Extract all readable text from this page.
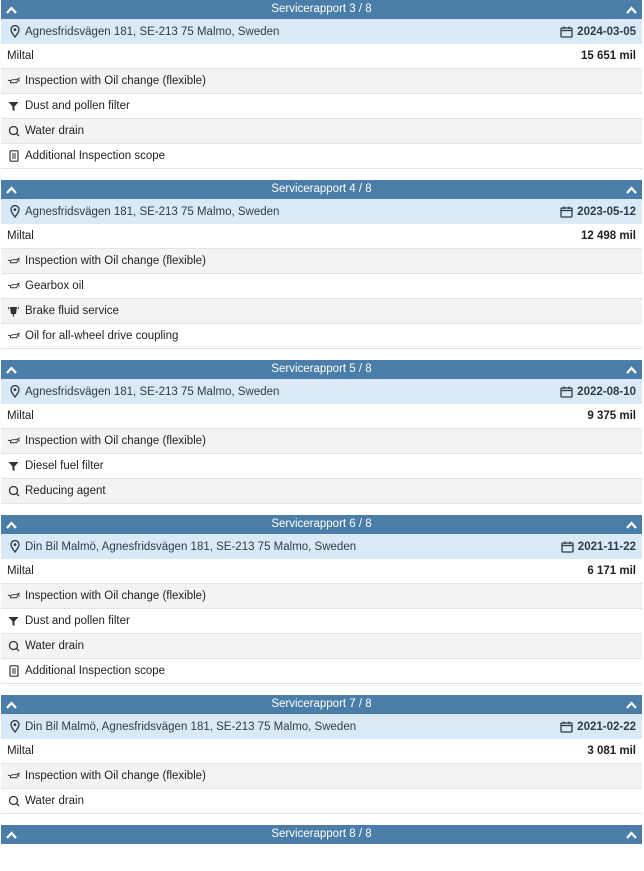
Servicerapport 3 / 8
Agnesfridsvägen 181, SE-213 75 Malmo, Sweden	2024-03-05
Miltal	15 651 mil
Inspection with Oil change (flexible)
Dust and pollen filter
Water drain
Additional Inspection scope
Servicerapport 4 / 8
Agnesfridsvägen 181, SE-213 75 Malmo, Sweden	2023-05-12
Miltal	12 498 mil
Inspection with Oil change (flexible)
Gearbox oil
Brake fluid service
Oil for all-wheel drive coupling
Servicerapport 5 / 8
Agnesfridsvägen 181, SE-213 75 Malmo, Sweden	2022-08-10
Miltal	9 375 mil
Inspection with Oil change (flexible)
Diesel fuel filter
Reducing agent
Servicerapport 6 / 8
Din Bil Malmö, Agnesfridsvägen 181, SE-213 75 Malmo, Sweden	2021-11-22
Miltal	6 171 mil
Inspection with Oil change (flexible)
Dust and pollen filter
Water drain
Additional Inspection scope
Servicerapport 7 / 8
Din Bil Malmö, Agnesfridsvägen 181, SE-213 75 Malmo, Sweden	2021-02-22
Miltal	3 081 mil
Inspection with Oil change (flexible)
Water drain
Servicerapport 8 / 8
